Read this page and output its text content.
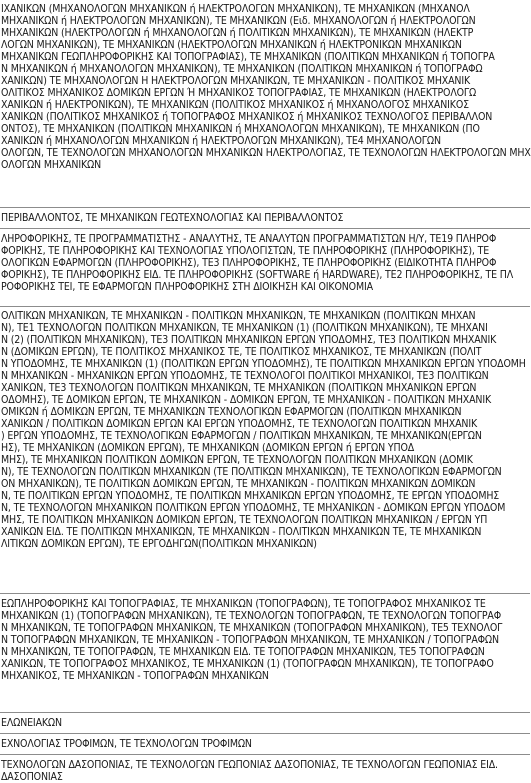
ΙΧΑΝΙΚΩΝ (ΜΗΧΑΝΟΛΟΓΩΝ ΜΗΧΑΝΙΚΩΝ ή ΗΛΕΚΤΡΟΛΟΓΩΝ ΜΗΧΑΝΙΚΩΝ), ΤΕ ΜΗΧΑΝΙΚΩΝ (ΜΗΧΑΝΟΛ
ΜΗΧΑΝΙΚΩΝ ή ΗΛΕΚΤΡΟΛΟΓΩΝ ΜΗΧΑΝΙΚΩΝ), ΤΕ ΜΗΧΑΝΙΚΩΝ (Ειδ. ΜΗΧΑΝΟΛΟΓΩΝ ή ΗΛΕΚΤΡΟΛΟΓΩΝ
ΜΗΧΑΝΙΚΩΝ (ΗΛΕΚΤΡΟΛΟΓΩΝ ή ΜΗΧΑΝΟΛΟΓΩΝ ή ΠΟΛΙΤΙΚΩΝ ΜΗΧΑΝΙΚΩΝ), ΤΕ ΜΗΧΑΝΙΚΩΝ (ΗΛΕΚΤΡ
ΛΟΓΩΝ ΜΗΧΑΝΙΚΩΝ), ΤΕ ΜΗΧΑΝΙΚΩΝ (ΗΛΕΚΤΡΟΛΟΓΩΝ ΜΗΧΑΝΙΚΩΝ ή ΗΛΕΚΤΡΟΝΙΚΩΝ ΜΗΧΑΝΙΚΩΝ
ΜΗΧΑΝΙΚΩΝ ΓΕΩΠΛΗΡΟΦΟΡΙΚΗΣ ΚΑΙ ΤΟΠΟΓΡΑΦΙΑΣ), ΤΕ ΜΗΧΑΝΙΚΩΝ (ΠΟΛΙΤΙΚΩΝ ΜΗΧΑΝΙΚΩΝ ή ΤΟΠΟΓΡΑ
Ν ΜΗΧΑΝΙΚΩΝ ή ΜΗΧΑΝΟΛΟΓΩΝ ΜΗΧΑΝΙΚΩΝ), ΤΕ ΜΗΧΑΝΙΚΩΝ (ΠΟΛΙΤΙΚΩΝ ΜΗΧΑΝΙΚΩΝ ή ΤΟΠΟΓΡΑΦΩ
ΧΑΝΙΚΩΝ) ΤΕ ΜΗΧΑΝΟΛΟΓΩΝ Η ΗΛΕΚΤΡΟΛΟΓΩΝ ΜΗΧΑΝΙΚΩΝ, ΤΕ ΜΗΧΑΝΙΚΩΝ - ΠΟΛΙΤΙΚΟΣ ΜΗΧΑΝΙΚ
ΟΛΙΤΙΚΟΣ ΜΗΧΑΝΙΚΟΣ ΔΟΜΙΚΩΝ ΕΡΓΩΝ Ή ΜΗΧΑΝΙΚΟΣ ΤΟΠΟΓΡΑΦΙΑΣ, ΤΕ ΜΗΧΑΝΙΚΩΝ (ΗΛΕΚΤΡΟΛΟΓΩ
ΧΑΝΙΚΩΝ ή ΗΛΕΚΤΡΟΝΙΚΩΝ), ΤΕ ΜΗΧΑΝΙΚΩΝ (ΠΟΛΙΤΙΚΟΣ ΜΗΧΑΝΙΚΟΣ ή ΜΗΧΑΝΟΛΟΓΟΣ ΜΗΧΑΝΙΚΟΣ
ΧΑΝΙΚΩΝ (ΠΟΛΙΤΙΚΟΣ ΜΗΧΑΝΙΚΟΣ ή ΤΟΠΟΓΡΑΦΟΣ ΜΗΧΑΝΙΚΟΣ ή ΜΗΧΑΝΙΚΟΣ ΤΕΧΝΟΛΟΓΟΣ ΠΕΡΙΒΑΛΛΟΝ
ΟΝΤΟΣ), ΤΕ ΜΗΧΑΝΙΚΩΝ (ΠΟΛΙΤΙΚΩΝ ΜΗΧΑΝΙΚΩΝ ή ΜΗΧΑΝΟΛΟΓΩΝ ΜΗΧΑΝΙΚΩΝ), ΤΕ ΜΗΧΑΝΙΚΩΝ (ΠΟ
ΧΑΝΙΚΩΝ ή ΜΗΧΑΝΟΛΟΓΩΝ ΜΗΧΑΝΙΚΩΝ ή ΗΛΕΚΤΡΟΛΟΓΩΝ ΜΗΧΑΝΙΚΩΝ), ΤΕ4 ΜΗΧΑΝΟΛΟΓΩΝ
ΟΛΟΓΩΝ, ΤΕ ΤΕΧΝΟΛΟΓΩΝ ΜΗΧΑΝΟΛΟΓΩΝ ΜΗΧΑΝΙΚΩΝ ΗΛΕΚΤΡΟΛΟΓΙΑΣ, ΤΕ ΤΕΧΝΟΛΟΓΩΝ ΗΛΕΚΤΡΟΛΟΓΩΝ ΜΗΧ
ΟΛΟΓΩΝ ΜΗΧΑΝΙΚΩΝ
ΠΕΡΙΒΑΛΛΟΝΤΟΣ, ΤΕ ΜΗΧΑΝΙΚΩΝ ΓΕΩΤΕΧΝΟΛΟΓΙΑΣ ΚΑΙ ΠΕΡΙΒΑΛΛΟΝΤΟΣ
ΛΗΡΟΦΟΡΙΚΗΣ, ΤΕ ΠΡΟΓΡΑΜΜΑΤΙΣΤΗΣ - ΑΝΑΛΥΤΗΣ, ΤΕ ΑΝΑΛΥΤΩΝ ΠΡΟΓΡΑΜΜΑΤΙΣΤΩΝ Η/Υ, ΤΕ19 ΠΛΗΡΟΦ
ΦΟΡΙΚΗΣ, ΤΕ ΠΛΗΡΟΦΟΡΙΚΗΣ ΚΑΙ ΤΕΧΝΟΛΟΓΙΑΣ ΥΠΟΛΟΓΙΣΤΩΝ, ΤΕ ΠΛΗΡΟΦΟΡΙΚΗΣ (ΠΛΗΡΟΦΟΡΙΚΗΣ), ΤΕ
ΟΛΟΓΙΚΩΝ ΕΦΑΡΜΟΓΩΝ (ΠΛΗΡΟΦΟΡΙΚΗΣ), ΤΕ3 ΠΛΗΡΟΦΟΡΙΚΗΣ, ΤΕ ΠΛΗΡΟΦΟΡΙΚΗΣ (ΕΙΔΙΚΟΤΗΤΑ ΠΛΗΡΟΦ
ΦΟΡΙΚΗΣ), ΤΕ ΠΛΗΡΟΦΟΡΙΚΗΣ ΕΙΔ. ΤΕ ΠΛΗΡΟΦΟΡΙΚΗΣ (SOFTWARE ή HARDWARE), ΤΕ2 ΠΛΗΡΟΦΟΡΙΚΗΣ, ΤΕ ΠΛ
ΡΟΦΟΡΙΚΗΣ ΤΕΙ, ΤΕ ΕΦΑΡΜΟΓΩΝ ΠΛΗΡΟΦΟΡΙΚΗΣ ΣΤΗ ΔΙΟΙΚΗΣΗ ΚΑΙ ΟΙΚΟΝΟΜΙΑ
ΟΛΙΤΙΚΩΝ ΜΗΧΑΝΙΚΩΝ, ΤΕ ΜΗΧΑΝΙΚΩΝ - ΠΟΛΙΤΙΚΩΝ ΜΗΧΑΝΙΚΩΝ, ΤΕ ΜΗΧΑΝΙΚΩΝ (ΠΟΛΙΤΙΚΩΝ ΜΗΧΑΝ
Ν), ΤΕ1 ΤΕΧΝΟΛΟΓΩΝ ΠΟΛΙΤΙΚΩΝ ΜΗΧΑΝΙΚΩΝ, ΤΕ ΜΗΧΑΝΙΚΩΝ (1) (ΠΟΛΙΤΙΚΩΝ ΜΗΧΑΝΙΚΩΝ), ΤΕ ΜΗΧΑΝΙ
Ν (2) (ΠΟΛΙΤΙΚΩΝ ΜΗΧΑΝΙΚΩΝ), ΤΕ3 ΠΟΛΙΤΙΚΩΝ ΜΗΧΑΝΙΚΩΝ ΕΡΓΩΝ ΥΠΟΔΟΜΗΣ, ΤΕ3 ΠΟΛΙΤΙΚΩΝ ΜΗΧΑΝΙΚ
Ν (ΔΟΜΙΚΩΝ ΕΡΓΩΝ), ΤΕ ΠΟΛΙΤΙΚΟΣ ΜΗΧΑΝΙΚΟΣ ΤΕ, ΤΕ ΠΟΛΙΤΙΚΟΣ ΜΗΧΑΝΙΚΟΣ, ΤΕ ΜΗΧΑΝΙΚΩΝ (ΠΟΛΙΤ
Ν ΥΠΟΔΟΜΗΣ, ΤΕ ΜΗΧΑΝΙΚΩΝ (1) (ΠΟΛΙΤΙΚΩΝ ΕΡΓΩΝ ΥΠΟΔΟΜΗΣ), ΤΕ ΠΟΛΙΤΙΚΩΝ ΜΗΧΑΝΙΚΩΝ ΕΡΓΩΝ ΥΠΟΔΟΜΗ
Ν ΜΗΧΑΝΙΚΩΝ - ΜΗΧΑΝΙΚΩΝ ΕΡΓΩΝ ΥΠΟΔΟΜΗΣ, ΤΕ ΤΕΧΝΟΛΟΓΟΙ ΠΟΛΙΤΙΚΟΙ ΜΗΧΑΝΙΚΟΙ, ΤΕ3 ΠΟΛΙΤΙΚΩΝ
ΧΑΝΙΚΩΝ, ΤΕ3 ΤΕΧΝΟΛΟΓΩΝ ΠΟΛΙΤΙΚΩΝ ΜΗΧΑΝΙΚΩΝ, ΤΕ ΜΗΧΑΝΙΚΩΝ (ΠΟΛΙΤΙΚΩΝ ΜΗΧΑΝΙΚΩΝ ΕΡΓΩΝ
ΟΔΟΜΗΣ), ΤΕ ΔΟΜΙΚΩΝ ΕΡΓΩΝ, ΤΕ ΜΗΧΑΝΙΚΩΝ - ΔΟΜΙΚΩΝ ΕΡΓΩΝ, ΤΕ ΜΗΧΑΝΙΚΩΝ - ΠΟΛΙΤΙΚΩΝ ΜΗΧΑΝΙΚ
ΟΜΙΚΩΝ ή ΔΟΜΙΚΩΝ ΕΡΓΩΝ, ΤΕ ΜΗΧΑΝΙΚΩΝ ΤΕΧΝΟΛΟΓΙΚΩΝ ΕΦΑΡΜΟΓΩΝ (ΠΟΛΙΤΙΚΩΝ ΜΗΧΑΝΙΚΩΝ
ΧΑΝΙΚΩΝ / ΠΟΛΙΤΙΚΩΝ ΔΟΜΙΚΩΝ ΕΡΓΩΝ ΚΑΙ ΕΡΓΩΝ ΥΠΟΔΟΜΗΣ, ΤΕ ΤΕΧΝΟΛΟΓΩΝ ΠΟΛΙΤΙΚΩΝ ΜΗΧΑΝΙΚ
) ΕΡΓΩΝ ΥΠΟΔΟΜΗΣ, ΤΕ ΤΕΧΝΟΛΟΓΙΚΩΝ ΕΦΑΡΜΟΓΩΝ / ΠΟΛΙΤΙΚΩΝ ΜΗΧΑΝΙΚΩΝ, ΤΕ ΜΗΧΑΝΙΚΩΝ(ΕΡΓΩΝ
ΗΣ), ΤΕ ΜΗΧΑΝΙΚΩΝ (ΔΟΜΙΚΩΝ ΕΡΓΩΝ), ΤΕ ΜΗΧΑΝΙΚΩΝ (ΔΟΜΙΚΩΝ ΕΡΓΩΝ ή ΕΡΓΩΝ ΥΠΟΔ
ΜΗΣ), ΤΕ ΜΗΧΑΝΙΚΩΝ ΠΟΛΙΤΙΚΩΝ ΔΟΜΙΚΩΝ ΕΡΓΩΝ, ΤΕ ΤΕΧΝΟΛΟΓΩΝ ΠΟΛΙΤΙΚΩΝ ΜΗΧΑΝΙΚΩΝ (ΔΟΜΙΚ
Ν), ΤΕ ΤΕΧΝΟΛΟΓΩΝ ΠΟΛΙΤΙΚΩΝ ΜΗΧΑΝΙΚΩΝ (ΤΕ ΠΟΛΙΤΙΚΩΝ ΜΗΧΑΝΙΚΩΝ), ΤΕ ΤΕΧΝΟΛΟΓΙΚΩΝ ΕΦΑΡΜΟΓΩΝ
ΟΝ ΜΗΧΑΝΙΚΩΝ), ΤΕ ΠΟΛΙΤΙΚΩΝ ΔΟΜΙΚΩΝ ΕΡΓΩΝ, ΤΕ ΜΗΧΑΝΙΚΩΝ - ΠΟΛΙΤΙΚΩΝ ΜΗΧΑΝΙΚΩΝ ΔΟΜΙΚΩΝ
Ν, ΤΕ ΠΟΛΙΤΙΚΩΝ ΕΡΓΩΝ ΥΠΟΔΟΜΗΣ, ΤΕ ΠΟΛΙΤΙΚΩΝ ΜΗΧΑΝΙΚΩΝ ΕΡΓΩΝ ΥΠΟΔΟΜΗΣ, ΤΕ ΕΡΓΩΝ ΥΠΟΔΟΜΗΣ
Ν, ΤΕ ΤΕΧΝΟΛΟΓΩΝ ΜΗΧΑΝΙΚΩΝ ΠΟΛΙΤΙΚΩΝ ΕΡΓΩΝ ΥΠΟΔΟΜΗΣ, ΤΕ ΜΗΧΑΝΙΚΩΝ - ΔΟΜΙΚΩΝ ΕΡΓΩΝ ΥΠΟΔΟΜ
ΜΗΣ, ΤΕ ΠΟΛΙΤΙΚΩΝ ΜΗΧΑΝΙΚΩΝ ΔΟΜΙΚΩΝ ΕΡΓΩΝ, ΤΕ ΤΕΧΝΟΛΟΓΩΝ ΠΟΛΙΤΙΚΩΝ ΜΗΧΑΝΙΚΩΝ / ΕΡΓΩΝ ΥΠ
ΧΑΝΙΚΩΝ ΕΙΔ. ΤΕ ΠΟΛΙΤΙΚΩΝ ΜΗΧΑΝΙΚΩΝ, ΤΕ ΜΗΧΑΝΙΚΩΝ - ΠΟΛΙΤΙΚΩΝ ΜΗΧΑΝΙΚΩΝ ΤΕ, ΤΕ ΜΗΧΑΝΙΚΩΝ
ΛΙΤΙΚΩΝ ΔΟΜΙΚΩΝ ΕΡΓΩΝ), ΤΕ ΕΡΓΟΔΗΓΩΝ(ΠΟΛΙΤΙΚΩΝ ΜΗΧΑΝΙΚΩΝ)
ΕΩΠΛΗΡΟΦΟΡΙΚΗΣ ΚΑΙ ΤΟΠΟΓΡΑΦΙΑΣ, ΤΕ ΜΗΧΑΝΙΚΩΝ (ΤΟΠΟΓΡΑΦΩΝ), ΤΕ ΤΟΠΟΓΡΑΦΟΣ ΜΗΧΑΝΙΚΟΣ ΤΕ
ΜΗΧΑΝΙΚΩΝ (1) (ΤΟΠΟΓΡΑΦΩΝ ΜΗΧΑΝΙΚΩΝ), ΤΕ ΤΕΧΝΟΛΟΓΩΝ ΤΟΠΟΓΡΑΦΩΝ, ΤΕ ΤΕΧΝΟΛΟΓΩΝ ΤΟΠΟΓΡΑΦ
Ν ΜΗΧΑΝΙΚΩΝ, ΤΕ ΤΟΠΟΓΡΑΦΩΝ ΜΗΧΑΝΙΚΩΝ, ΤΕ ΜΗΧΑΝΙΚΩΝ (ΤΟΠΟΓΡΑΦΩΝ ΜΗΧΑΝΙΚΩΝ), ΤΕ5 ΤΕΧΝΟΛΟΓ
Ν ΤΟΠΟΓΡΑΦΩΝ ΜΗΧΑΝΙΚΩΝ, ΤΕ ΜΗΧΑΝΙΚΩΝ - ΤΟΠΟΓΡΑΦΩΝ ΜΗΧΑΝΙΚΩΝ, ΤΕ ΜΗΧΑΝΙΚΩΝ / ΤΟΠΟΓΡΑΦΩΝ
Ν ΜΗΧΑΝΙΚΩΝ, ΤΕ ΤΟΠΟΓΡΑΦΩΝ, ΤΕ ΜΗΧΑΝΙΚΩΝ ΕΙΔ. ΤΕ ΤΟΠΟΓΡΑΦΩΝ ΜΗΧΑΝΙΚΩΝ, ΤΕ5 ΤΟΠΟΓΡΑΦΩΝ
ΧΑΝΙΚΩΝ, ΤΕ ΤΟΠΟΓΡΑΦΟΣ ΜΗΧΑΝΙΚΟΣ, ΤΕ ΜΗΧΑΝΙΚΩΝ (1) (ΤΟΠΟΓΡΑΦΩΝ ΜΗΧΑΝΙΚΩΝ), ΤΕ ΤΟΠΟΓΡΑΦΟ
ΜΗΧΑΝΙΚΟΣ, ΤΕ ΜΗΧΑΝΙΚΩΝ - ΤΟΠΟΓΡΑΦΩΝ ΜΗΧΑΝΙΚΩΝ
ΕΛΩΝΕΙΑΚΩΝ
ΕΧΝΟΛΟΓΙΑΣ ΤΡΟΦΙΜΩΝ, ΤΕ ΤΕΧΝΟΛΟΓΩΝ ΤΡΟΦΙΜΩΝ
ΤΕΧΝΟΛΟΓΩΝ ΔΑΣΟΠΟΝΙΑΣ, ΤΕ ΤΕΧΝΟΛΟΓΩΝ ΓΕΩΠΟΝΙΑΣ ΔΑΣΟΠΟΝΙΑΣ, ΤΕ ΤΕΧΝΟΛΟΓΩΝ ΓΕΩΠΟΝΙΑΣ ΕΙΔ.
ΔΑΣΟΠΟΝΙΑΣ
